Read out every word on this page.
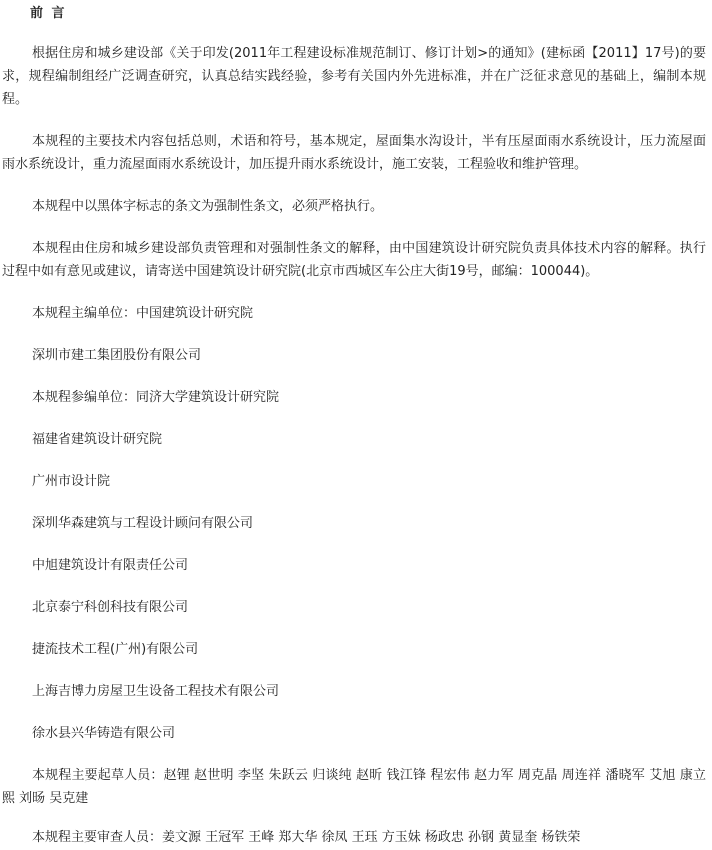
前 言

根据住房和城乡建设部《关于印发(2011年工程建设标准规范制订、修订计划>的通知》(建标函【2011】17号)的要求，规程编制组经广泛调查研究，认真总结实践经验，参考有关国内外先进标准，并在广泛征求意见的基础上，编制本规程。

本规程的主要技术内容包括总则，术语和符号，基本规定，屋面集水沟设计，半有压屋面雨水系统设计，压力流屋面雨水系统设计，重力流屋面雨水系统设计，加压提升雨水系统设计，施工安装，工程验收和维护管理。

本规程中以黑体字标志的条文为强制性条文，必须严格执行。

本规程由住房和城乡建设部负责管理和对强制性条文的解释，由中国建筑设计研究院负责具体技术内容的解释。执行过程中如有意见或建议，请寄送中国建筑设计研究院(北京市西城区车公庄大街19号，邮编：100044)。

本规程主编单位：中国建筑设计研究院

深圳市建工集团股份有限公司

本规程参编单位：同济大学建筑设计研究院

福建省建筑设计研究院

广州市设计院

深圳华森建筑与工程设计顾问有限公司

中旭建筑设计有限责任公司

北京泰宁科创科技有限公司

捷流技术工程(广州)有限公司

上海吉博力房屋卫生设备工程技术有限公司

徐水县兴华铸造有限公司

本规程主要起草人员：赵锂 赵世明 李坚 朱跃云 归谈纯 赵昕 钱江锋 程宏伟 赵力军 周克晶 周连祥 潘晓军 艾旭 康立熙 刘旸 吴克建

本规程主要审查人员：姜文源 王冠军 王峰 郑大华 徐凤 王珏 方玉妹 杨政忠 孙钢 黄显奎 杨铁荣
